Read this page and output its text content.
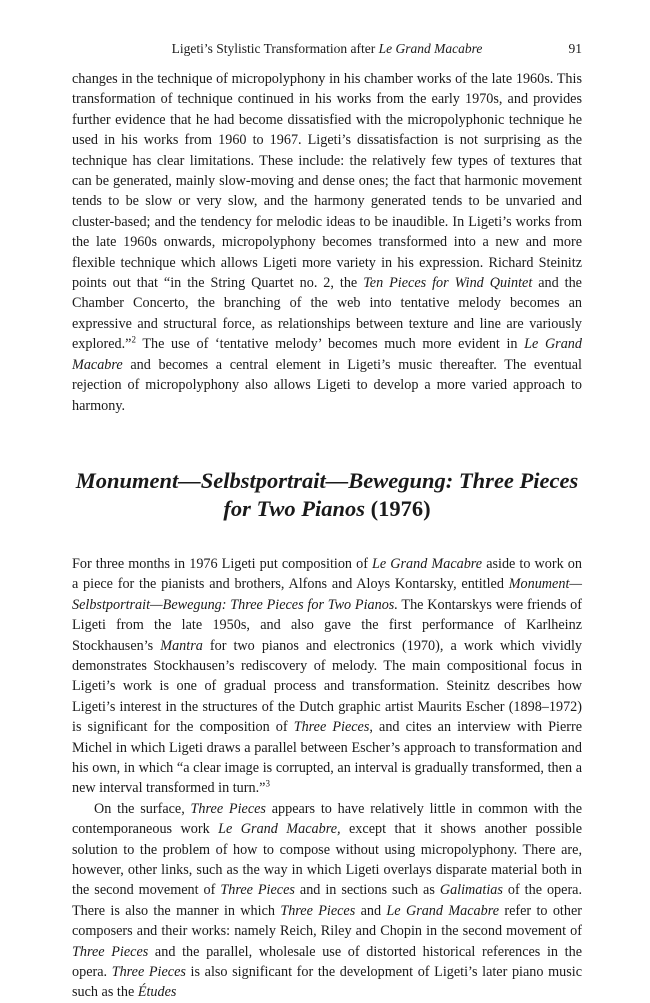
Ligeti’s Stylistic Transformation after Le Grand Macabre	91

changes in the technique of micropolyphony in his chamber works of the late 1960s. This transformation of technique continued in his works from the early 1970s, and provides further evidence that he had become dissatisfied with the micropolyphonic technique he used in his works from 1960 to 1967. Ligeti’s dissatisfaction is not surprising as the technique has clear limitations. These include: the relatively few types of textures that can be generated, mainly slow-moving and dense ones; the fact that harmonic movement tends to be slow or very slow, and the harmony generated tends to be unvaried and cluster-based; and the tendency for melodic ideas to be inaudible. In Ligeti’s works from the late 1960s onwards, micropolyphony becomes transformed into a new and more flexible technique which allows Ligeti more variety in his expression. Richard Steinitz points out that “in the String Quartet no. 2, the Ten Pieces for Wind Quintet and the Chamber Concerto, the branching of the web into tentative melody becomes an expressive and structural force, as relationships between texture and line are variously explored.”$^2$ The use of ‘tentative melody’ becomes much more evident in Le Grand Macabre and becomes a central element in Ligeti’s music thereafter. The eventual rejection of micropolyphony also allows Ligeti to develop a more varied approach to harmony.

Monument—Selbstportrait—Bewegung: Three Pieces
for Two Pianos (1976)

For three months in 1976 Ligeti put composition of Le Grand Macabre aside to work on a piece for the pianists and brothers, Alfons and Aloys Kontarsky, entitled Monument—Selbstportrait—Bewegung: Three Pieces for Two Pianos. The Kontarskys were friends of Ligeti from the late 1950s, and also gave the first performance of Karlheinz Stockhausen’s Mantra for two pianos and electronics (1970), a work which vividly demonstrates Stockhausen’s rediscovery of melody. The main compositional focus in Ligeti’s work is one of gradual process and transformation. Steinitz describes how Ligeti’s interest in the structures of the Dutch graphic artist Maurits Escher (1898–1972) is significant for the composition of Three Pieces, and cites an interview with Pierre Michel in which Ligeti draws a parallel between Escher’s approach to transformation and his own, in which “a clear image is corrupted, an interval is gradually transformed, then a new interval transformed in turn.”$^3$

On the surface, Three Pieces appears to have relatively little in common with the contemporaneous work Le Grand Macabre, except that it shows another possible solution to the problem of how to compose without using micropolyphony. There are, however, other links, such as the way in which Ligeti overlays disparate material both in the second movement of Three Pieces and in sections such as Galimatias of the opera. There is also the manner in which Three Pieces and Le Grand Macabre refer to other composers and their works: namely Reich, Riley and Chopin in the second movement of Three Pieces and the parallel, wholesale use of distorted historical references in the opera. Three Pieces is also significant for the development of Ligeti’s later piano music such as the Études
